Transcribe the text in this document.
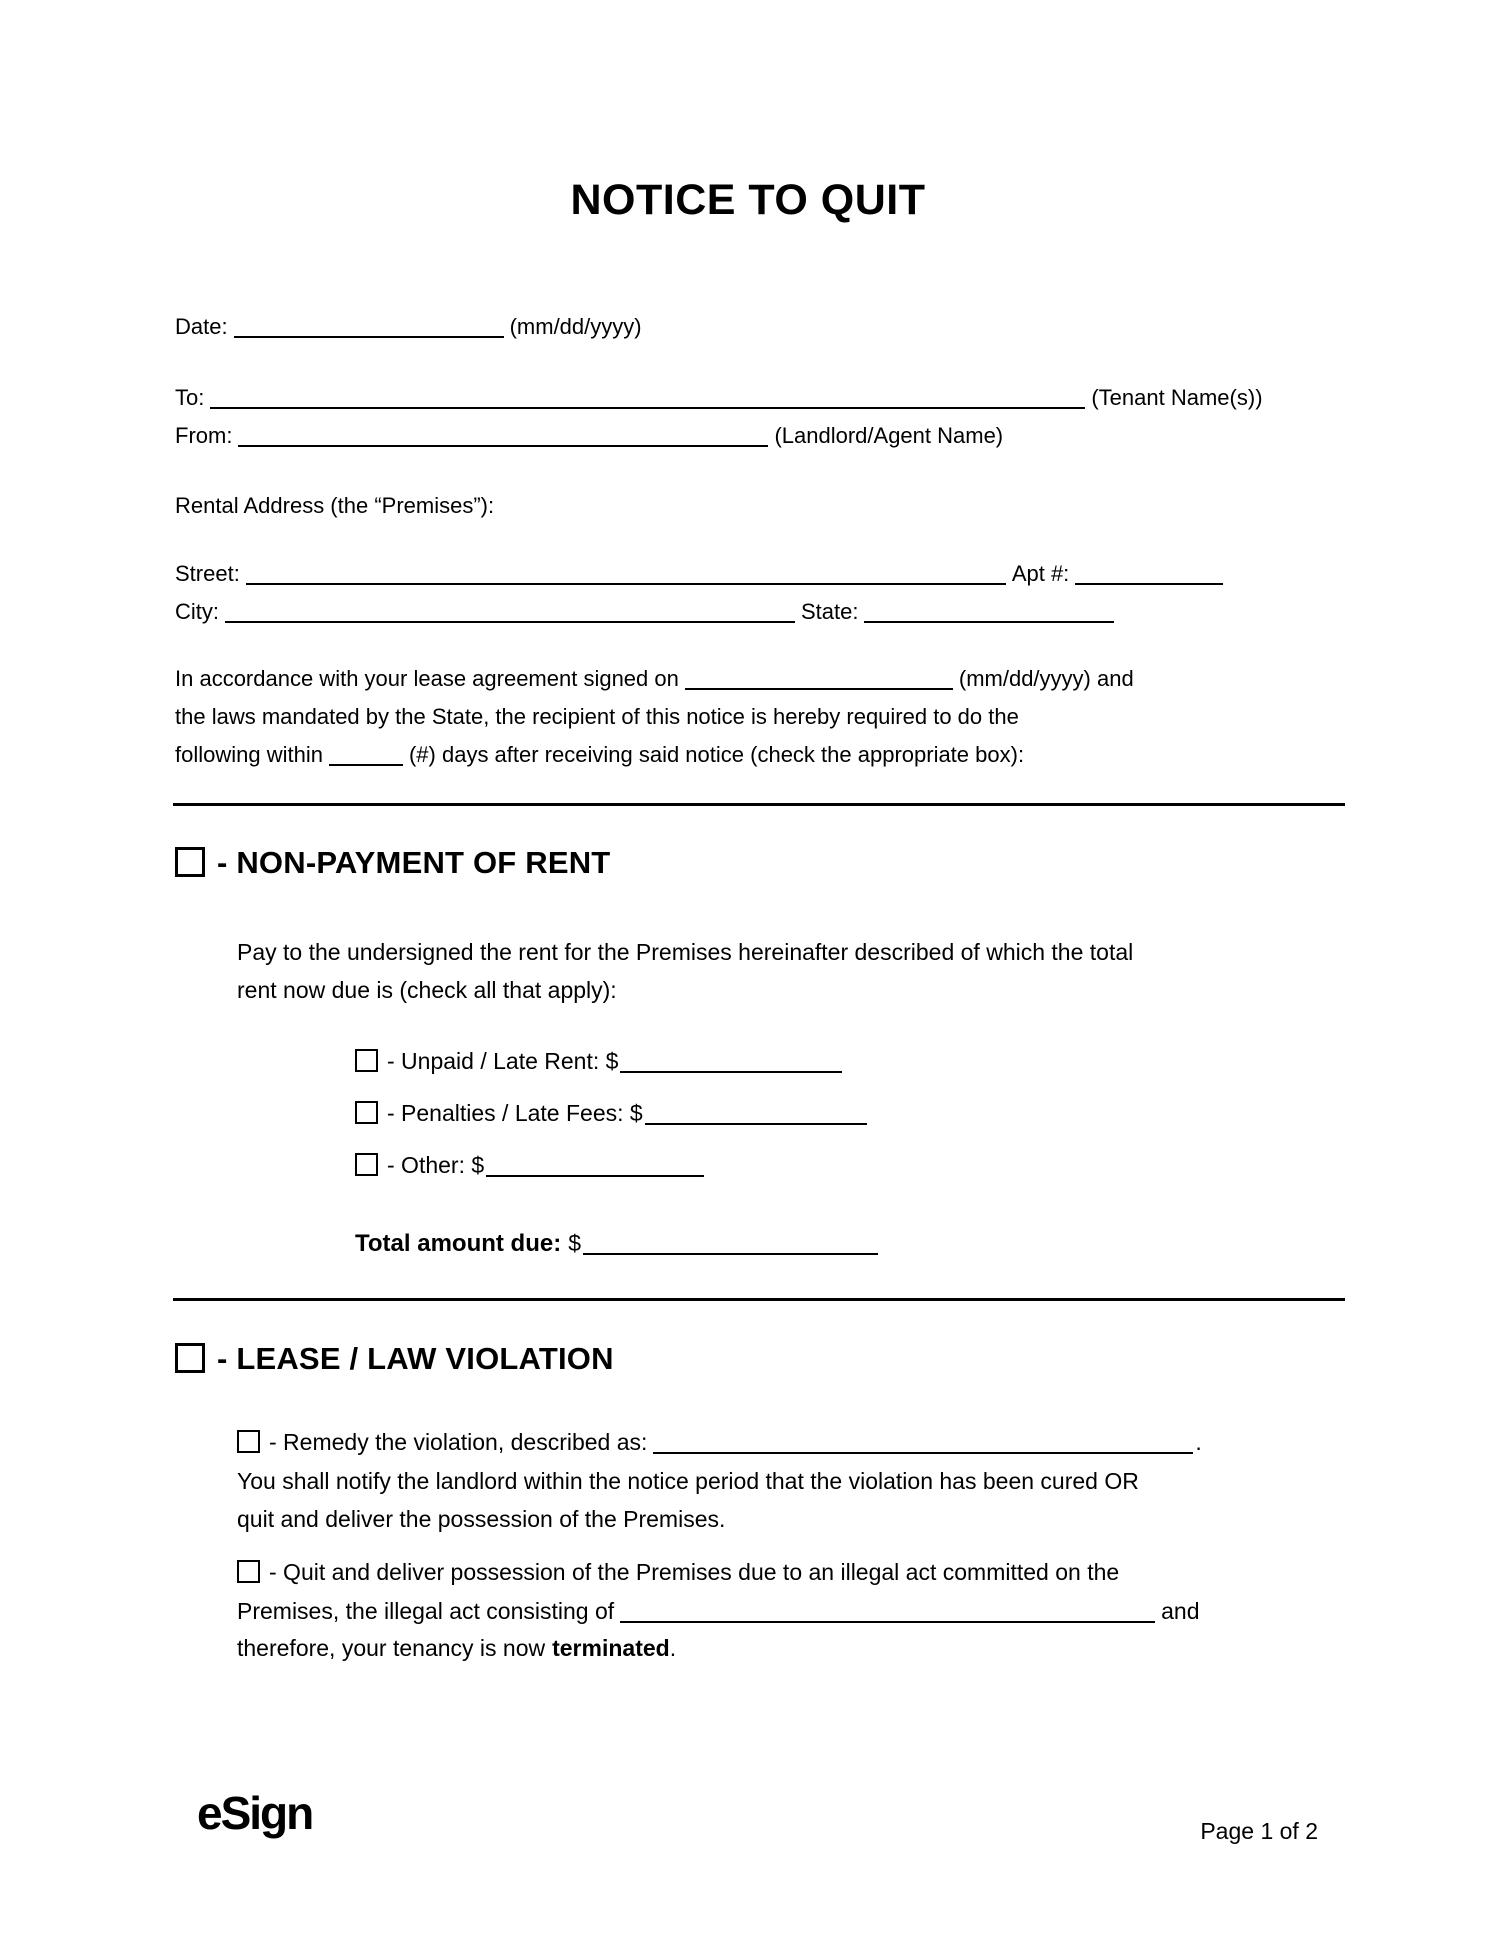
NOTICE TO QUIT
Date:	(mm/dd/yyyy)
To:	(Tenant Name(s))
From:	(Landlord/Agent Name)
Rental Address (the “Premises”):
Street:	Apt #:
City:	State:
In accordance with your lease agreement signed on	(mm/dd/yyyy) and
the laws mandated by the State, the recipient of this notice is hereby required to do the
following within	(#) days after receiving said notice (check the appropriate box):
- NON-PAYMENT OF RENT
Pay to the undersigned the rent for the Premises hereinafter described of which the total
rent now due is (check all that apply):
- Unpaid / Late Rent: $
- Penalties / Late Fees: $
- Other: $
Total amount due: $
- LEASE / LAW VIOLATION
- Remedy the violation, described as:	.
You shall notify the landlord within the notice period that the violation has been cured OR
quit and deliver the possession of the Premises.
- Quit and deliver possession of the Premises due to an illegal act committed on the
Premises, the illegal act consisting of	and
therefore, your tenancy is now terminated.
eSign	Page 1 of 2
